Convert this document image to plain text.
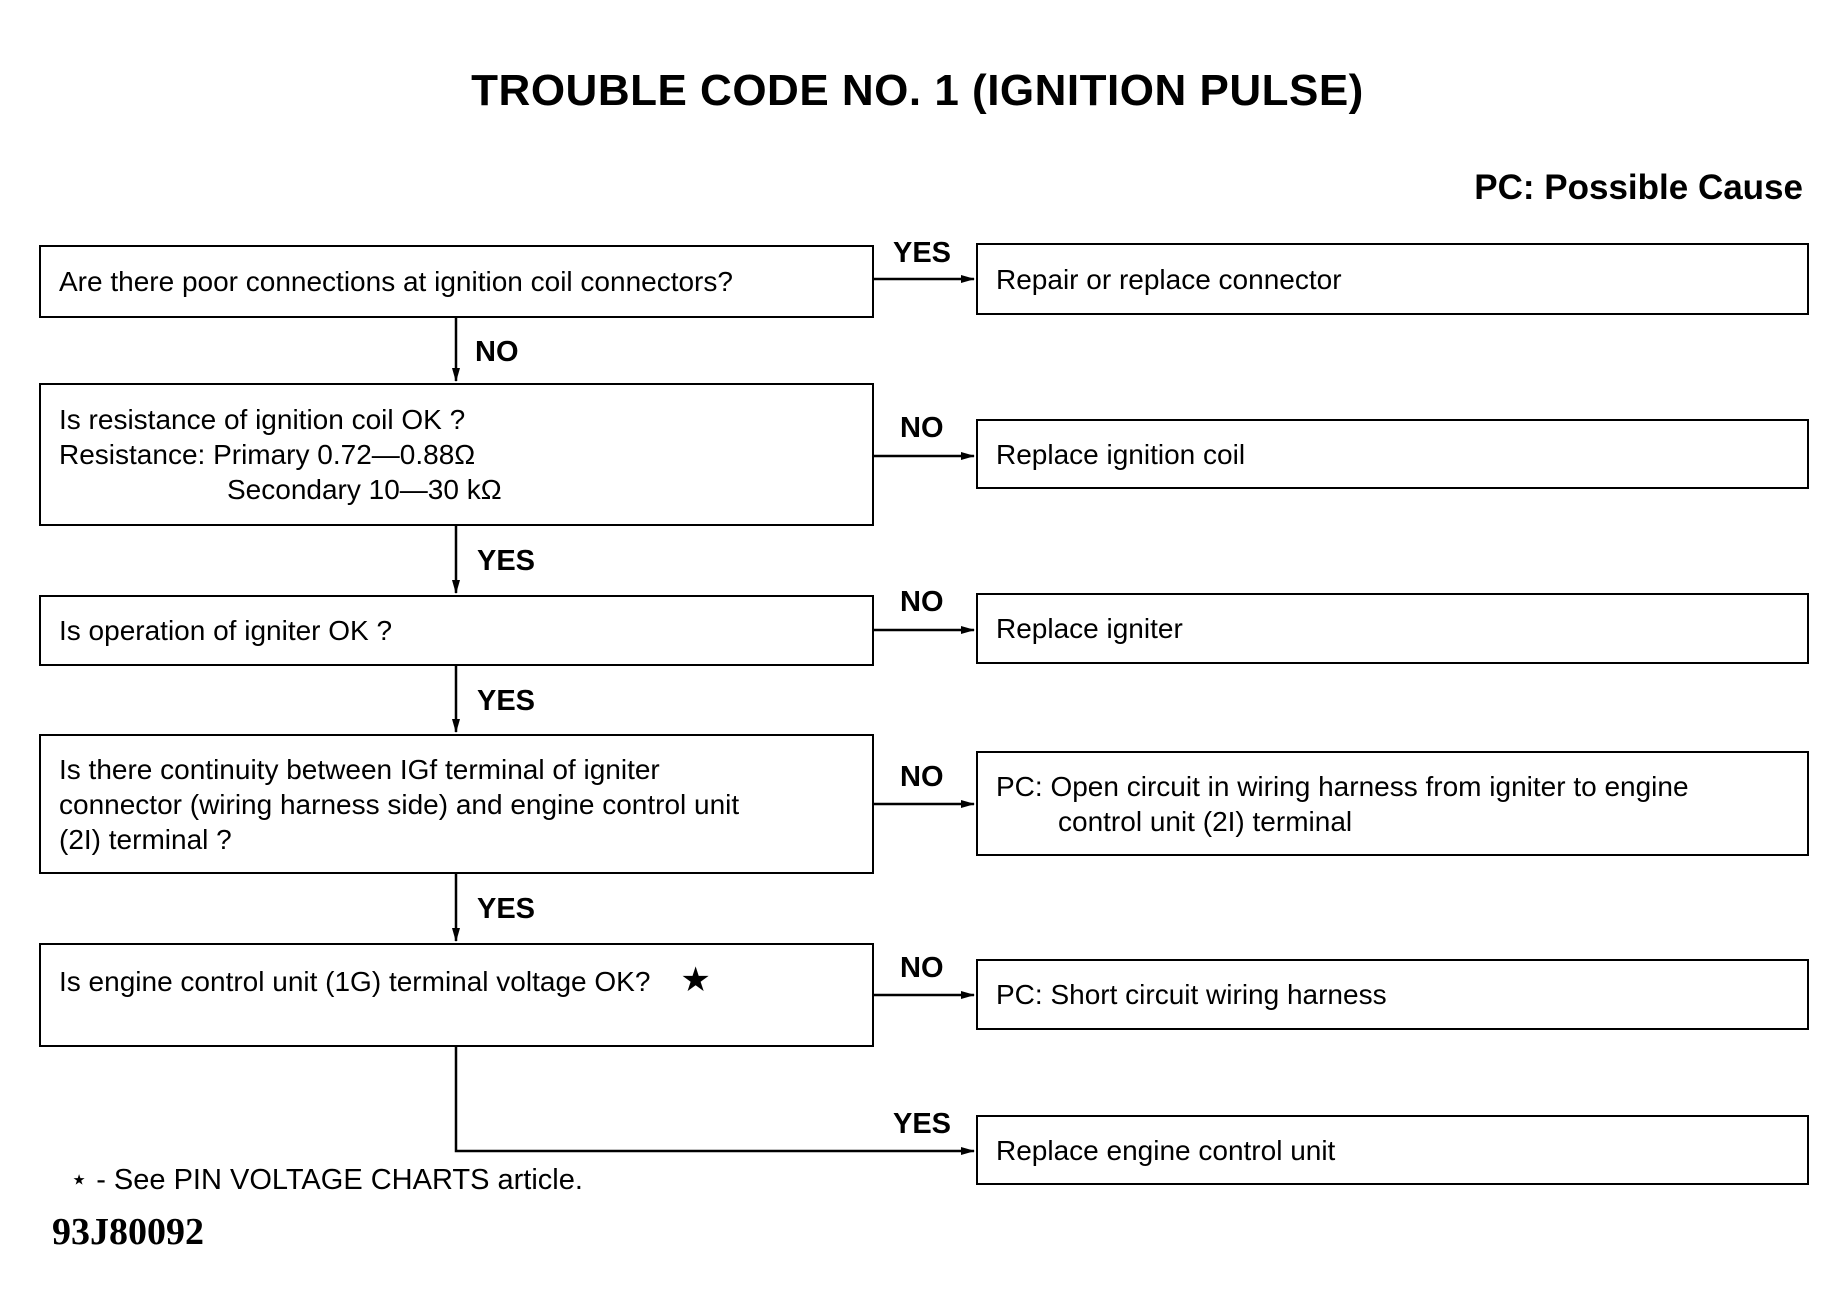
TROUBLE CODE NO. 1 (IGNITION PULSE)
PC: Possible Cause
Are there poor connections at ignition coil connectors?
Is resistance of ignition coil OK ?
Resistance: Primary 0.72—0.88Ω
Secondary 10—30 kΩ
Is operation of igniter OK ?
Is there continuity between IGf terminal of igniter
connector (wiring harness side) and engine control unit
(2I) terminal ?
Is engine control unit (1G) terminal voltage OK? ★
Repair or replace connector
Replace ignition coil
Replace igniter
PC: Open circuit in wiring harness from igniter to engine
control unit (2I) terminal
PC: Short circuit wiring harness
Replace engine control unit
YES
NO
NO
YES
NO
YES
NO
YES
NO
YES
⋆ - See PIN VOLTAGE CHARTS article.
93J80092
